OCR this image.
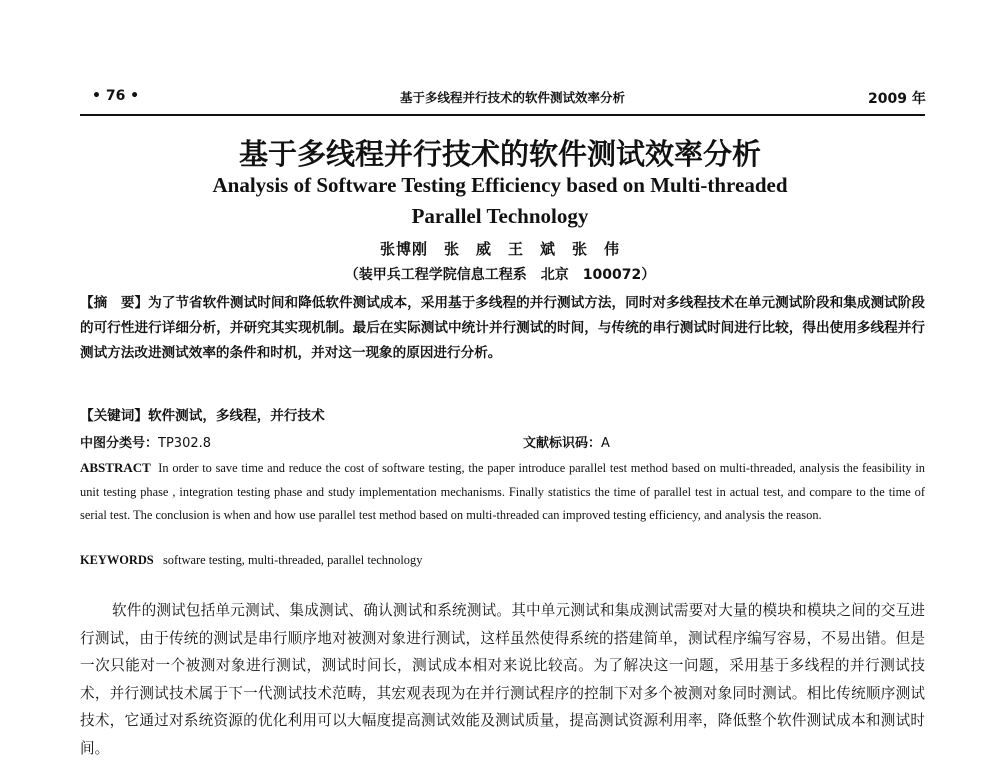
• 76 •	基于多线程并行技术的软件测试效率分析	2009 年
基于多线程并行技术的软件测试效率分析
Analysis of Software Testing Efficiency based on Multi-threaded
Parallel Technology
张博刚　张　威　王　斌　张　伟
（装甲兵工程学院信息工程系　北京　100072）
【摘　要】为了节省软件测试时间和降低软件测试成本，采用基于多线程的并行测试方法，同时对多线程技术在单元测试阶段和集成测试阶段的可行性进行详细分析，并研究其实现机制。最后在实际测试中统计并行测试的时间，与传统的串行测试时间进行比较，得出使用多线程并行测试方法改进测试效率的条件和时机，并对这一现象的原因进行分析。
【关键词】软件测试，多线程，并行技术
中图分类号：TP302.8	文献标识码：A
ABSTRACT In order to save time and reduce the cost of software testing, the paper introduce parallel test method based on multi-threaded, analysis the feasibility in unit testing phase , integration testing phase and study implementation mechanisms. Finally statistics the time of parallel test in actual test, and compare to the time of serial test. The conclusion is when and how use parallel test method based on multi-threaded can improved testing efficiency, and analysis the reason.
KEYWORDS software testing, multi-threaded, parallel technology
软件的测试包括单元测试、集成测试、确认测试和系统测试。其中单元测试和集成测试需要对大量的模块和模块之间的交互进行测试，由于传统的测试是串行顺序地对被测对象进行测试，这样虽然使得系统的搭建简单，测试程序编写容易，不易出错。但是一次只能对一个被测对象进行测试，测试时间长，测试成本相对来说比较高。为了解决这一问题，采用基于多线程的并行测试技术，并行测试技术属于下一代测试技术范畴，其宏观表现为在并行测试程序的控制下对多个被测对象同时测试。相比传统顺序测试技术，它通过对系统资源的优化利用可以大幅度提高测试效能及测试质量，提高测试资源利用率，降低整个软件测试成本和测试时间。
